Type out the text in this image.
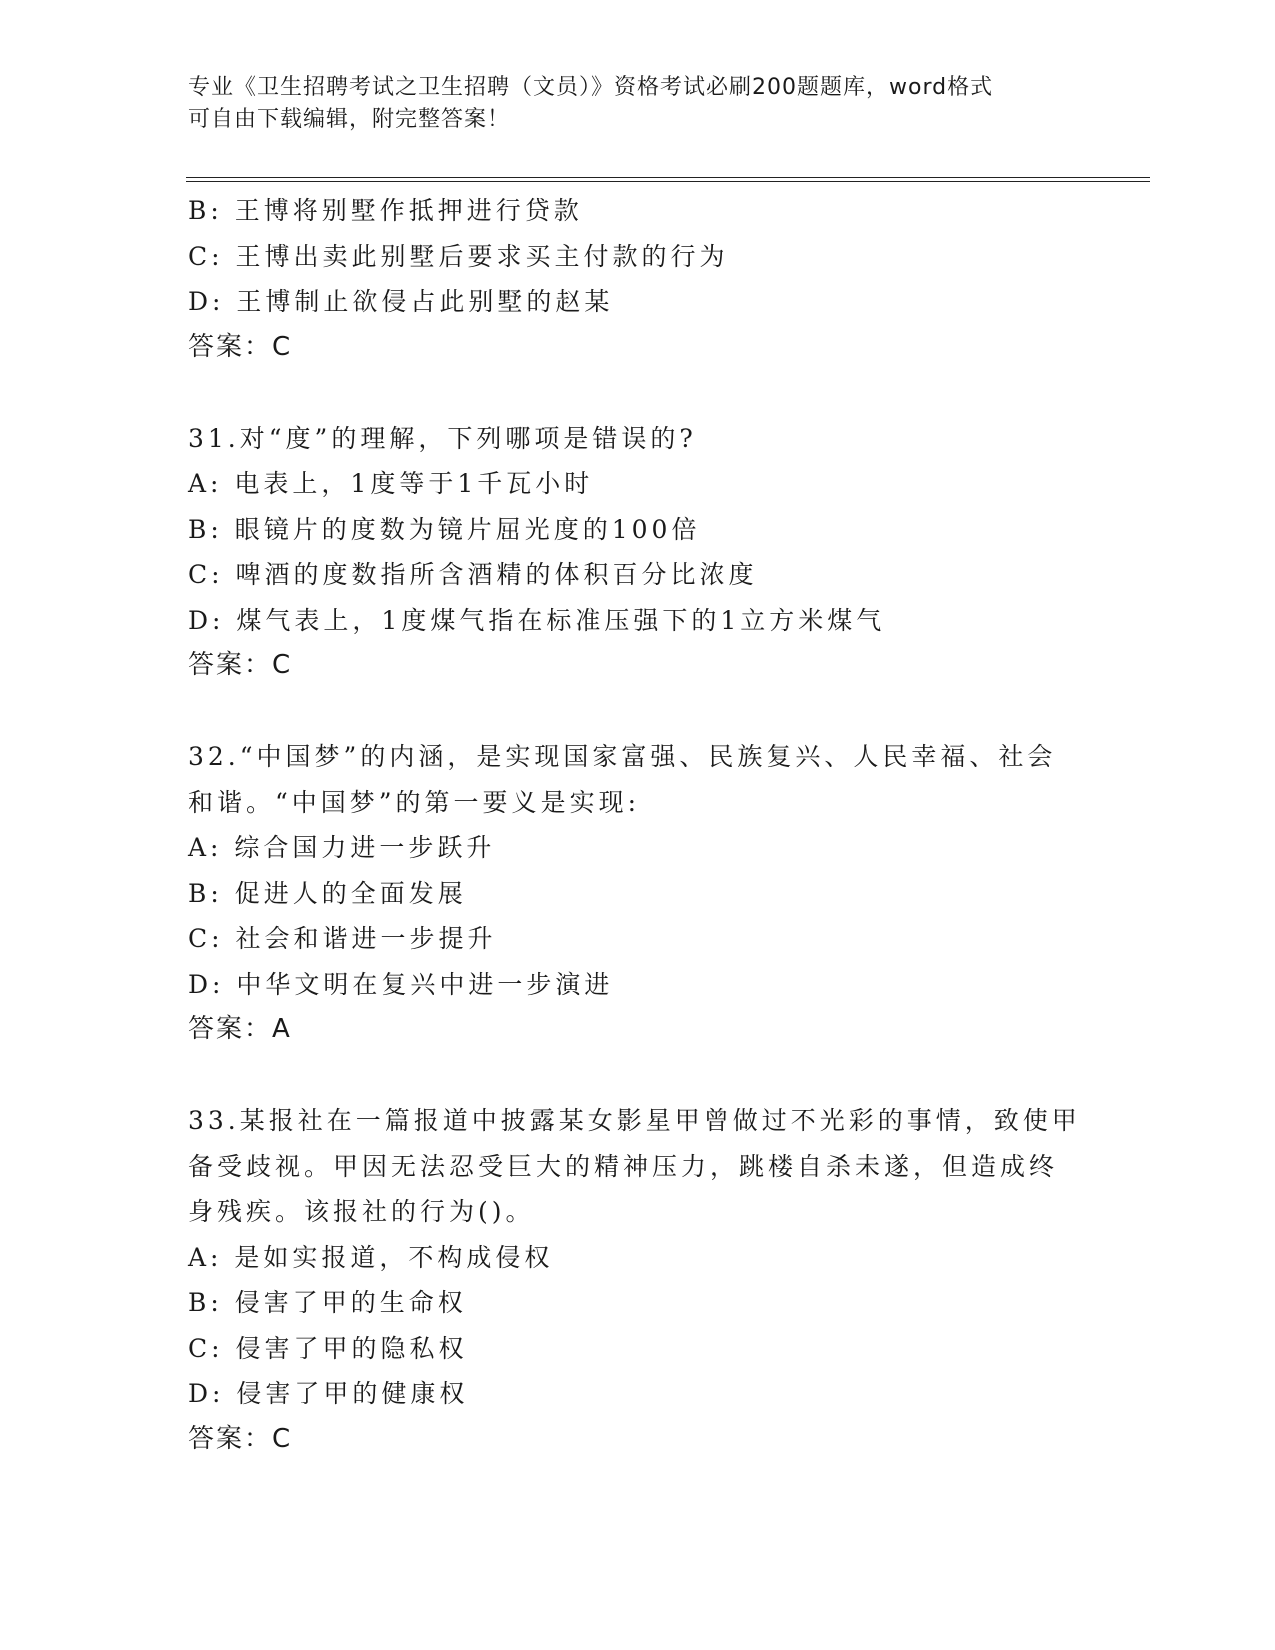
专业《卫生招聘考试之卫生招聘（文员）》资格考试必刷200题题库，word格式
可自由下载编辑，附完整答案！
B: 王博将别墅作抵押进行贷款
C: 王博出卖此别墅后要求买主付款的行为
D: 王博制止欲侵占此别墅的赵某
答案：C
31.对“度”的理解，下列哪项是错误的?
A: 电表上，1度等于1千瓦小时
B: 眼镜片的度数为镜片屈光度的100倍
C: 啤酒的度数指所含酒精的体积百分比浓度
D: 煤气表上，1度煤气指在标准压强下的1立方米煤气
答案：C
32.“中国梦”的内涵，是实现国家富强、民族复兴、人民幸福、社会
和谐。“中国梦”的第一要义是实现:
A: 综合国力进一步跃升
B: 促进人的全面发展
C: 社会和谐进一步提升
D: 中华文明在复兴中进一步演进
答案：A
33.某报社在一篇报道中披露某女影星甲曾做过不光彩的事情，致使甲
备受歧视。甲因无法忍受巨大的精神压力，跳楼自杀未遂，但造成终
身残疾。该报社的行为()。
A: 是如实报道，不构成侵权
B: 侵害了甲的生命权
C: 侵害了甲的隐私权
D: 侵害了甲的健康权
答案：C
